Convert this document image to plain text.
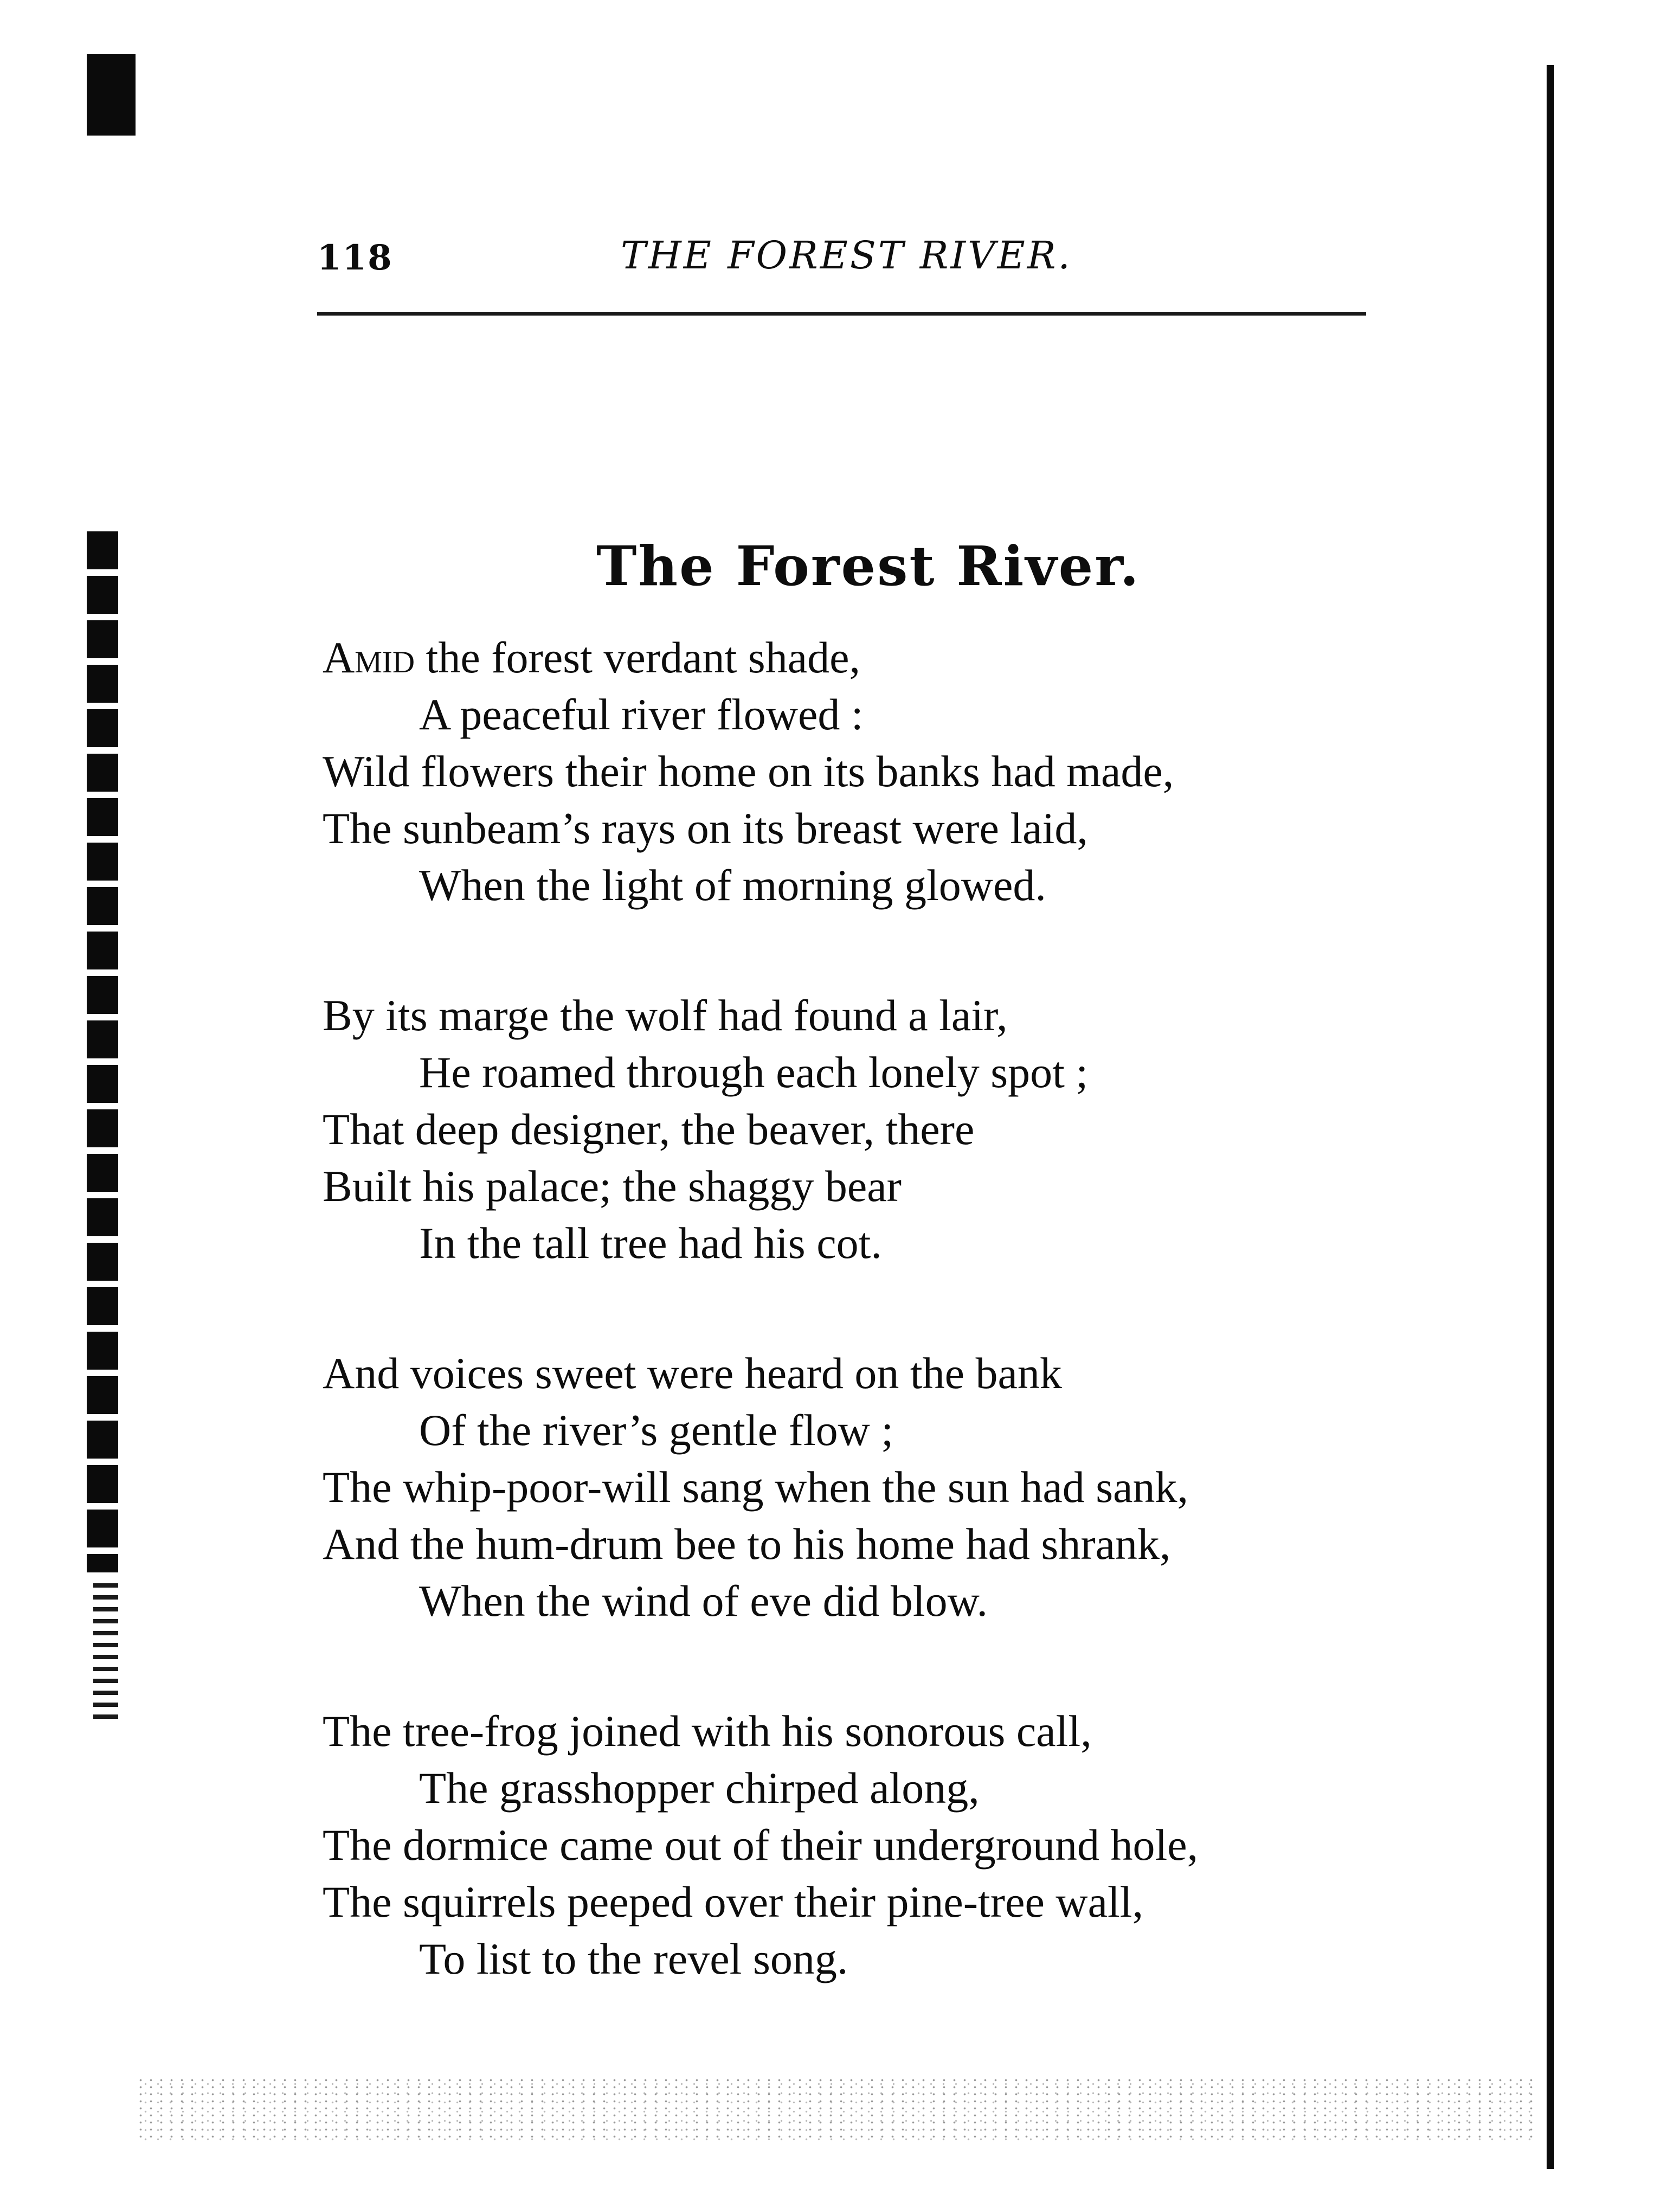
118	THE FOREST RIVER.
The Forest River.
Amid the forest verdant shade,
A peaceful river flowed :
Wild flowers their home on its banks had made,
The sunbeam’s rays on its breast were laid,
When the light of morning glowed.
By its marge the wolf had found a lair,
He roamed through each lonely spot ;
That deep designer, the beaver, there
Built his palace; the shaggy bear
In the tall tree had his cot.
And voices sweet were heard on the bank
Of the river’s gentle flow ;
The whip-poor-will sang when the sun had sank,
And the hum-drum bee to his home had shrank,
When the wind of eve did blow.
The tree-frog joined with his sonorous call,
The grasshopper chirped along,
The dormice came out of their underground hole,
The squirrels peeped over their pine-tree wall,
To list to the revel song.
